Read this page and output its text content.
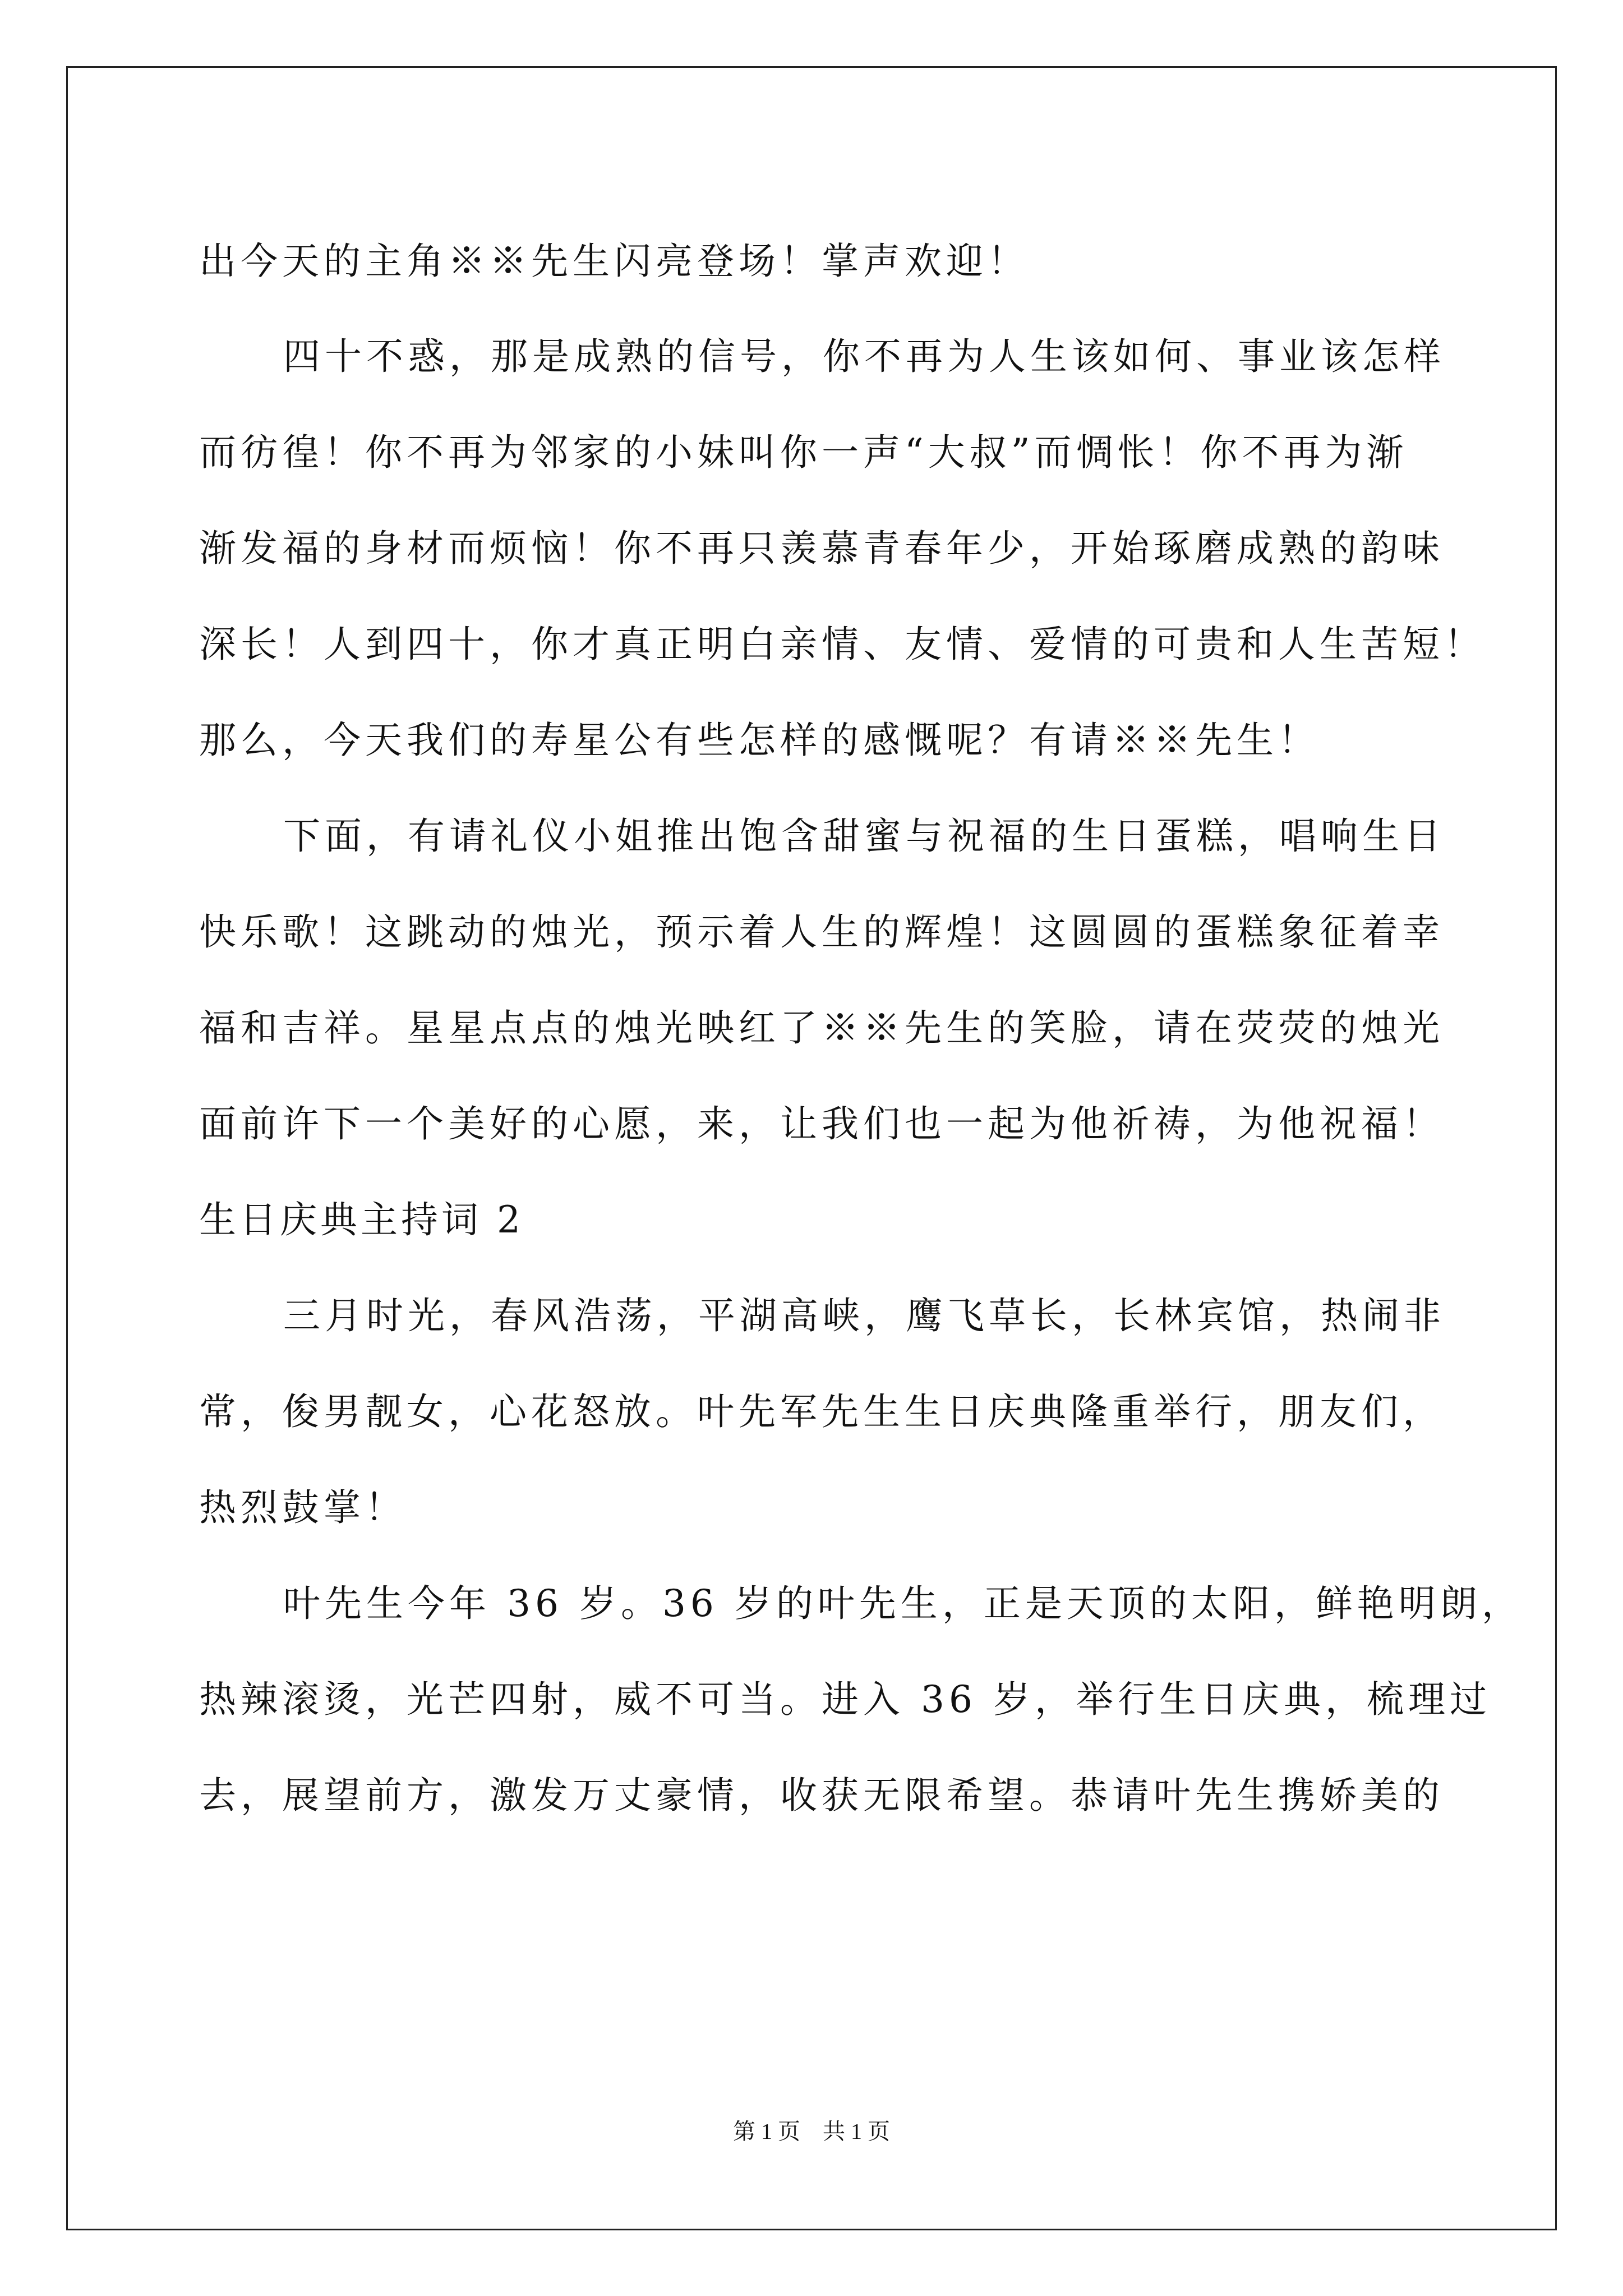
出今天的主角※※先生闪亮登场！掌声欢迎！
四十不惑，那是成熟的信号，你不再为人生该如何、事业该怎样
而彷徨！你不再为邻家的小妹叫你一声“大叔”而惆怅！你不再为渐
渐发福的身材而烦恼！你不再只羡慕青春年少，开始琢磨成熟的韵味
深长！人到四十，你才真正明白亲情、友情、爱情的可贵和人生苦短！
那么，今天我们的寿星公有些怎样的感慨呢？有请※※先生！
下面，有请礼仪小姐推出饱含甜蜜与祝福的生日蛋糕，唱响生日
快乐歌！这跳动的烛光，预示着人生的辉煌！这圆圆的蛋糕象征着幸
福和吉祥。星星点点的烛光映红了※※先生的笑脸，请在荧荧的烛光
面前许下一个美好的心愿，来，让我们也一起为他祈祷，为他祝福！
生日庆典主持词 2
三月时光，春风浩荡，平湖高峡，鹰飞草长，长林宾馆，热闹非
常，俊男靓女，心花怒放。叶先军先生生日庆典隆重举行，朋友们，
热烈鼓掌！
叶先生今年 36 岁。36 岁的叶先生，正是天顶的太阳，鲜艳明朗，
热辣滚烫，光芒四射，威不可当。进入 36 岁，举行生日庆典，梳理过
去，展望前方，激发万丈豪情，收获无限希望。恭请叶先生携娇美的
第 1 页 共 1 页
